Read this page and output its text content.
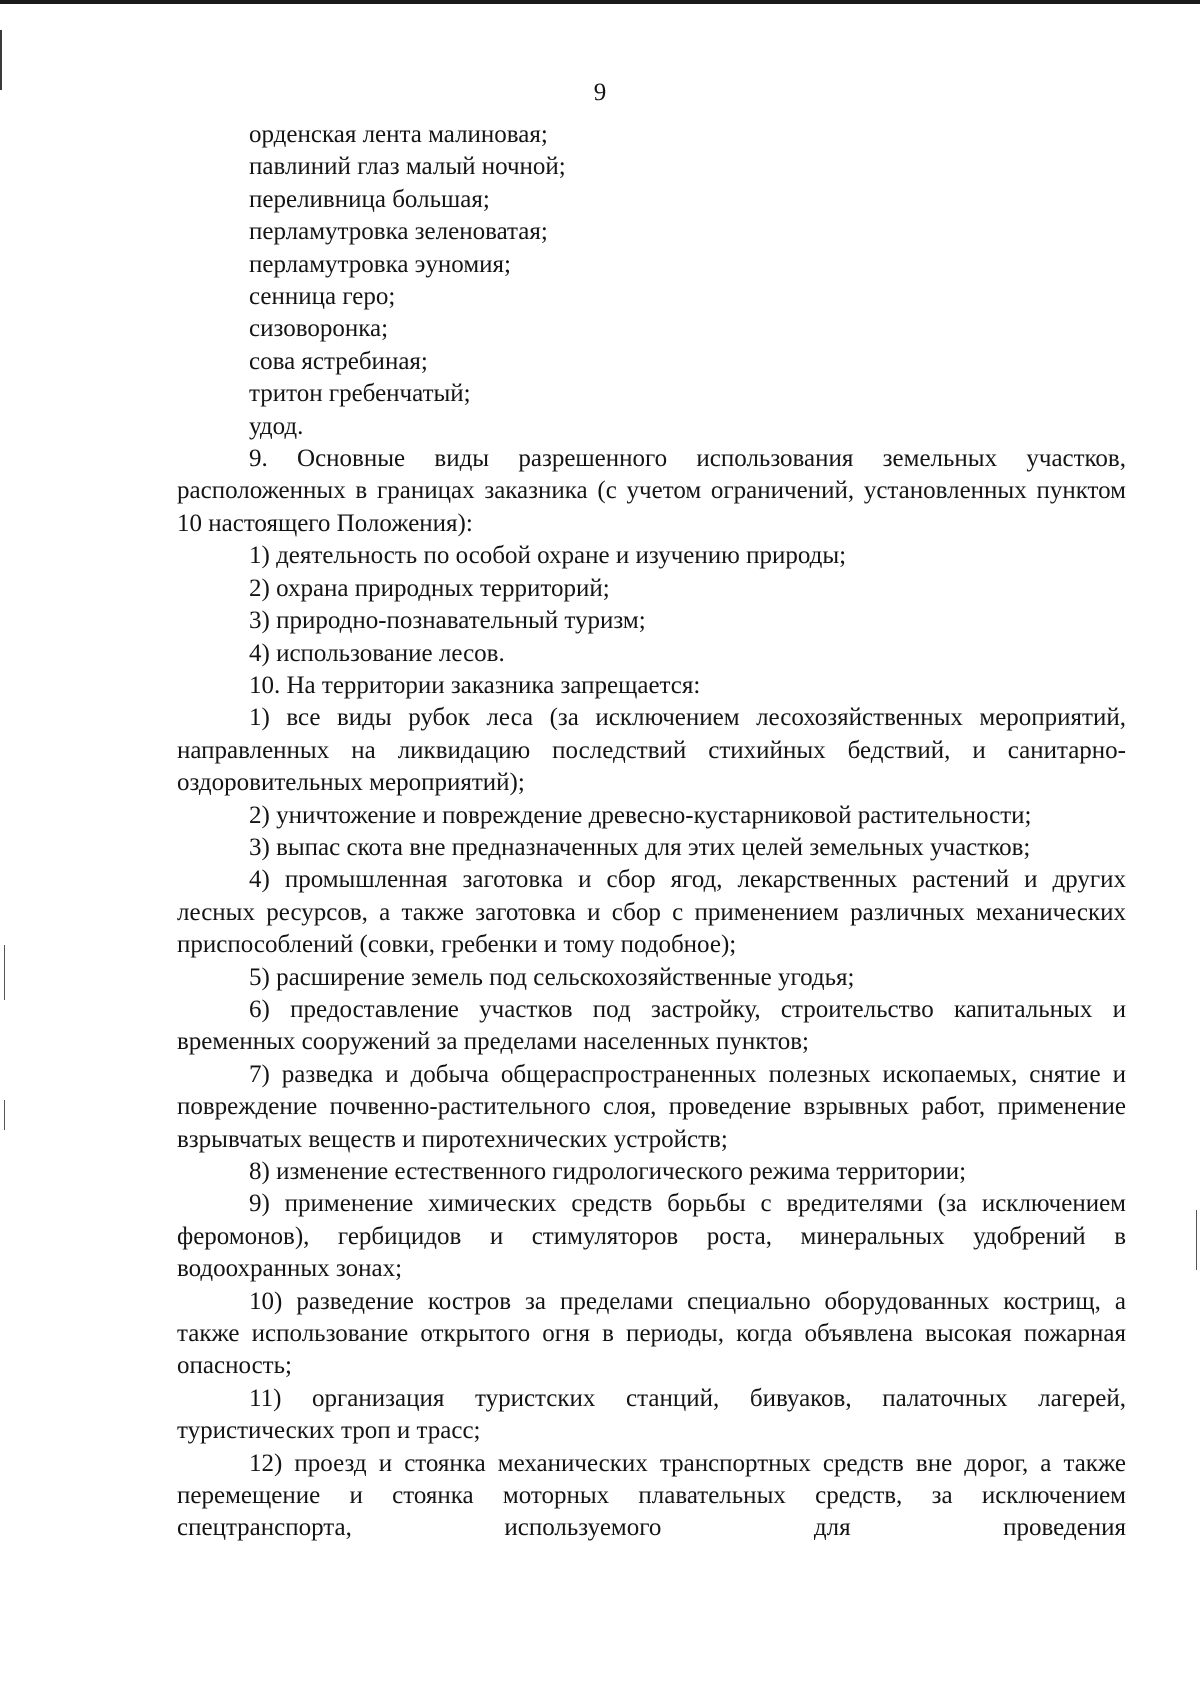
9

орденская лента малиновая;

павлиний глаз малый ночной;

переливница большая;

перламутровка зеленоватая;

перламутровка эуномия;

сенница геро;

сизоворонка;

сова ястребиная;

тритон гребенчатый;

удод.

9. Основные виды разрешенного использования земельных участков, расположенных в границах заказника (с учетом ограничений, установленных пунктом 10 настоящего Положения):

1) деятельность по особой охране и изучению природы;

2) охрана природных территорий;

3) природно-познавательный туризм;

4) использование лесов.

10. На территории заказника запрещается:

1) все виды рубок леса (за исключением лесохозяйственных мероприятий, направленных на ликвидацию последствий стихийных бедствий, и санитарно-оздоровительных мероприятий);

2) уничтожение и повреждение древесно-кустарниковой растительности;

3) выпас скота вне предназначенных для этих целей земельных участков;

4) промышленная заготовка и сбор ягод, лекарственных растений и других лесных ресурсов, а также заготовка и сбор с применением различных механических приспособлений (совки, гребенки и тому подобное);

5) расширение земель под сельскохозяйственные угодья;

6) предоставление участков под застройку, строительство капитальных и временных сооружений за пределами населенных пунктов;

7) разведка и добыча общераспространенных полезных ископаемых, снятие и повреждение почвенно-растительного слоя, проведение взрывных работ, применение взрывчатых веществ и пиротехнических устройств;

8) изменение естественного гидрологического режима территории;

9) применение химических средств борьбы с вредителями (за исключением феромонов), гербицидов и стимуляторов роста, минеральных удобрений в водоохранных зонах;

10) разведение костров за пределами специально оборудованных кострищ, а также использование открытого огня в периоды, когда объявлена высокая пожарная опасность;

11) организация туристских станций, бивуаков, палаточных лагерей, туристических троп и трасс;

12) проезд и стоянка механических транспортных средств вне дорог, а также перемещение и стоянка моторных плавательных средств, за исключением спецтранспорта, используемого для проведения
